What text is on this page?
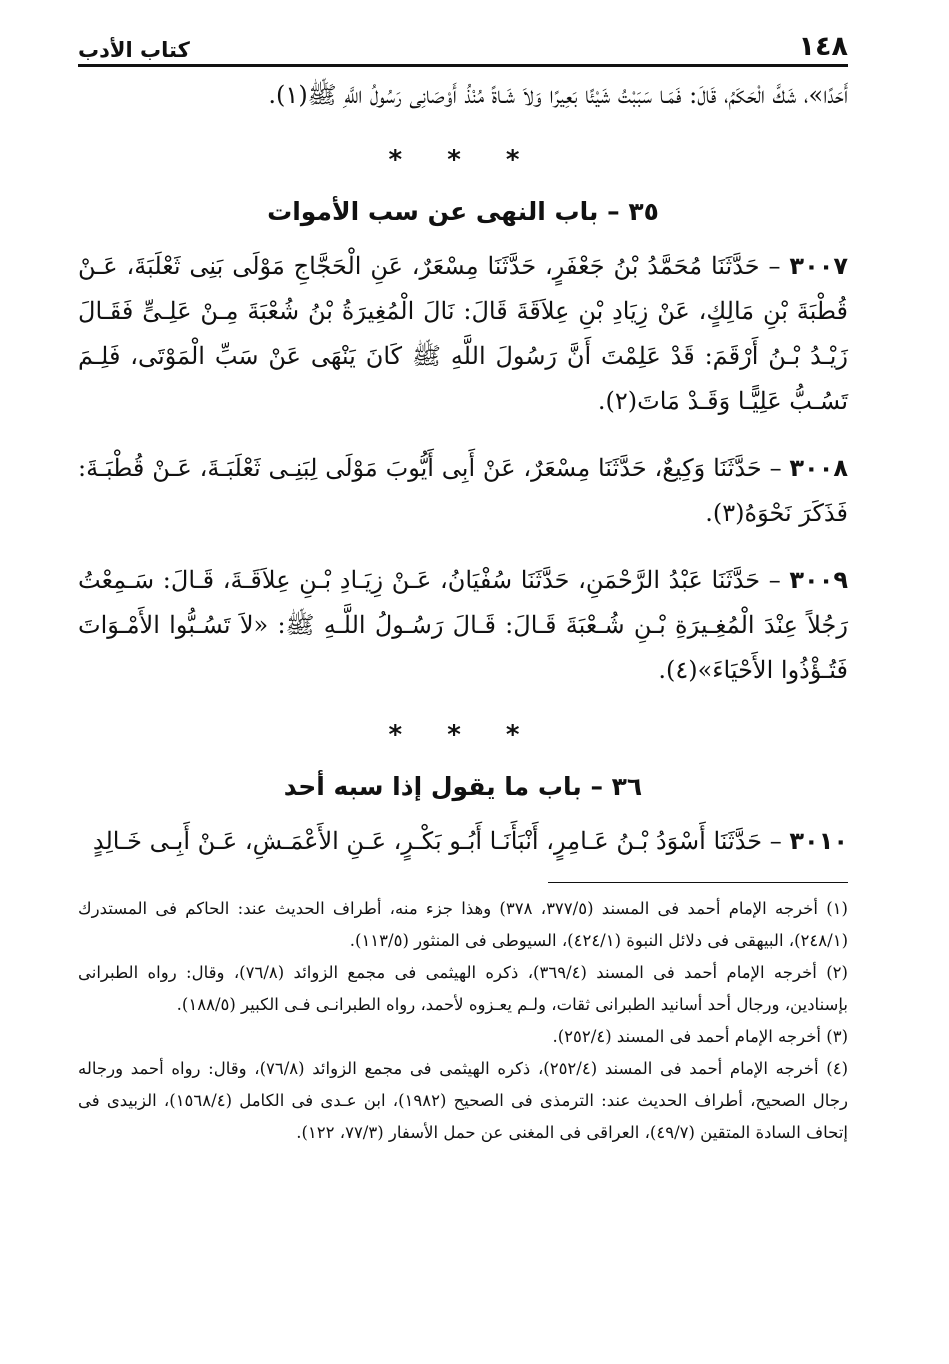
١٤٨
كتاب الأدب

أَحَدًا»، شَكَّ الْحَكَمُ، قَالَ: فَمَـا سَبَبْتُ شَيْئًا بَعِيرًا وَلاَ شَـاةً مُنْذُ أَوْصَانِى رَسُولُ اللَّهِ ﷺ(١).

* * *
٣٥ – باب النهى عن سب الأموات

٣٠٠٧ – حَدَّثَنَا مُحَمَّدُ بْنُ جَعْفَرٍ، حَدَّثَنَا مِسْعَرٌ، عَنِ الْحَجَّاجِ مَوْلَى بَنِى ثَعْلَبَةَ، عَـنْ قُطْبَةَ بْنِ مَالِكٍ، عَنْ زِيَادِ بْنِ عِلاَقَةَ قَالَ: نَالَ الْمُغِيرَةُ بْنُ شُعْبَةَ مِـنْ عَلِـىٍّ فَقَـالَ زَيْـدُ بْـنُ أَرْقَمَ: قَدْ عَلِمْتَ أَنَّ رَسُولَ اللَّهِ ﷺ كَانَ يَنْهَى عَنْ سَبِّ الْمَوْتَى، فَلِـمَ تَسُـبُّ عَلِيًّـا وَقَـدْ مَاتَ(٢).

٣٠٠٨ – حَدَّثَنَا وَكِيعٌ، حَدَّثَنَا مِسْعَرٌ، عَنْ أَبِى أَيُّوبَ مَوْلَى لِبَنِـى ثَعْلَبَـةَ، عَـنْ قُطْبَـةَ: فَذَكَرَ نَحْوَهُ(٣).

٣٠٠٩ – حَدَّثَنَا عَبْدُ الرَّحْمَنِ، حَدَّثَنَا سُفْيَانُ، عَـنْ زِيَـادِ بْـنِ عِلاَقَـةَ، قَـالَ: سَـمِعْتُ رَجُلاً عِنْدَ الْمُغِـيرَةِ بْـنِ شُـعْبَةَ قَـالَ: قَـالَ رَسُـولُ اللَّـهِ ﷺ: «لاَ تَسُـبُّوا الأَمْـوَاتَ فَتُـؤْذُوا الأَحْيَاءَ»(٤).

* * *
٣٦ – باب ما يقول إذا سبه أحد

٣٠١٠ – حَدَّثَنَا أَسْوَدُ بْـنُ عَـامِرٍ، أَنْبَأَنَـا أَبُـو بَكْـرٍ، عَـنِ الأَعْمَـشِ، عَـنْ أَبِـى خَـالِدٍ

(١) أخرجه الإمام أحمد فى المسند (٣٧٧/٥، ٣٧٨) وهذا جزء منه، أطراف الحديث عند: الحاكم فى المستدرك (٢٤٨/١)، البيهقى فى دلائل النبوة (٤٢٤/١)، السيوطى فى المنثور (١١٣/٥).

(٢) أخرجه الإمام أحمد فى المسند (٣٦٩/٤)، ذكره الهيثمى فى مجمع الزوائد (٧٦/٨)، وقال: رواه الطبرانى بإسنادين، ورجال أحد أسانيد الطبرانى ثقات، ولـم يعـزوه لأحمد، رواه الطبرانـى فـى الكبير (١٨٨/٥).

(٣) أخرجه الإمام أحمد فى المسند (٢٥٢/٤).

(٤) أخرجه الإمام أحمد فى المسند (٢٥٢/٤)، ذكره الهيثمى فى مجمع الزوائد (٧٦/٨)، وقال: رواه أحمد ورجاله رجال الصحيح، أطراف الحديث عند: الترمذى فى الصحيح (١٩٨٢)، ابن عـدى فى الكامل (١٥٦٨/٤)، الزبيدى فى إتحاف السادة المتقين (٤٩/٧)، العراقى فى المغنى عن حمل الأسفار (٧٧/٣، ١٢٢).
